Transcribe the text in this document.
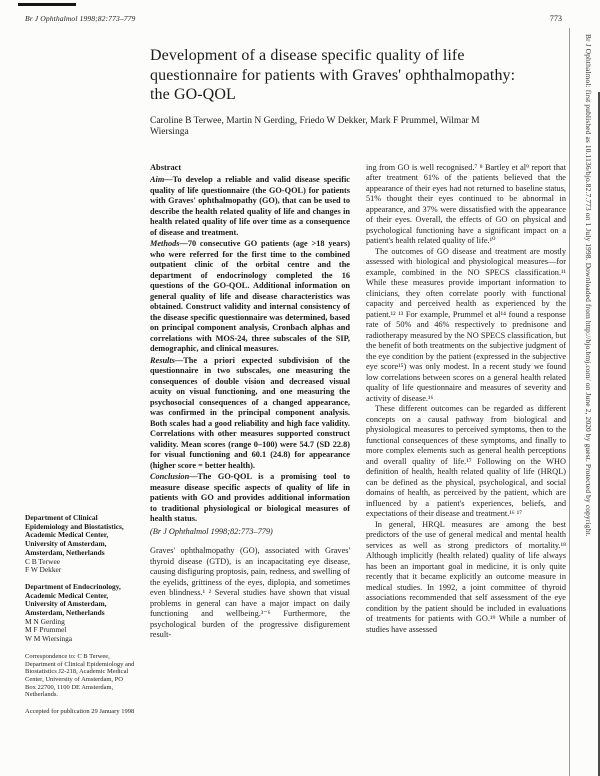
Br J Ophthalmol 1998;82:773–779	773
Department of Clinical Epidemiology and Biostatistics, Academic Medical Center, University of Amsterdam, Amsterdam, Netherlands
C B Terwee
F W Dekker
Department of Endocrinology, Academic Medical Center, University of Amsterdam, Amsterdam, Netherlands
M N Gerding
M F Prummel
W M Wiersinga
Correspondence to: C B Terwee, Department of Clinical Epidemiology and Biostatistics J2-218, Academic Medical Center, University of Amsterdam, PO Box 22700, 1100 DE Amsterdam, Netherlands.
Accepted for publication 29 January 1998
Development of a disease specific quality of life questionnaire for patients with Graves' ophthalmopathy: the GO-QOL
Caroline B Terwee, Martin N Gerding, Friedo W Dekker, Mark F Prummel, Wilmar M Wiersinga
Abstract

Aim—To develop a reliable and valid disease specific quality of life questionnaire (the GO-QOL) for patients with Graves' ophthalmopathy (GO), that can be used to describe the health related quality of life and changes in health related quality of life over time as a consequence of disease and treatment.

Methods—70 consecutive GO patients (age >18 years) who were referred for the first time to the combined outpatient clinic of the orbital centre and the department of endocrinology completed the 16 questions of the GO-QOL. Additional information on general quality of life and disease characteristics was obtained. Construct validity and internal consistency of the disease specific questionnaire was determined, based on principal component analysis, Cronbach alphas and correlations with MOS-24, three subscales of the SIP, demographic, and clinical measures.

Results—The a priori expected subdivision of the questionnaire in two subscales, one measuring the consequences of double vision and decreased visual acuity on visual functioning, and one measuring the psychosocial consequences of a changed appearance, was confirmed in the principal component analysis. Both scales had a good reliability and high face validity. Correlations with other measures supported construct validity. Mean scores (range 0–100) were 54.7 (SD 22.8) for visual functioning and 60.1 (24.8) for appearance (higher score = better health).

Conclusion—The GO-QOL is a promising tool to measure disease specific aspects of quality of life in patients with GO and provides additional information to traditional physiological or biological measures of health status.

(Br J Ophthalmol 1998;82:773–779)

Graves' ophthalmopathy (GO), associated with Graves' thyroid disease (GTD), is an incapacitating eye disease, causing disfiguring proptosis, pain, redness, and swelling of the eyelids, grittiness of the eyes, diplopia, and sometimes even blindness.¹ ² Several studies have shown that visual problems in general can have a major impact on daily functioning and wellbeing.³⁻⁶ Furthermore, the psychological burden of the progressive disfigurement result-

ing from GO is well recognised.⁷ ⁸ Bartley et al⁹ report that after treatment 61% of the patients believed that the appearance of their eyes had not returned to baseline status, 51% thought their eyes continued to be abnormal in appearance, and 37% were dissatisfied with the appearance of their eyes. Overall, the effects of GO on physical and psychological functioning have a significant impact on a patient's health related quality of life.¹⁰

The outcomes of GO disease and treatment are mostly assessed with biological and physiological measures—for example, combined in the NO SPECS classification.¹¹ While these measures provide important information to clinicians, they often correlate poorly with functional capacity and perceived health as experienced by the patient.¹² ¹³ For example, Prummel et al¹⁴ found a response rate of 50% and 46% respectively to prednisone and radiotherapy measured by the NO SPECS classification, but the benefit of both treatments on the subjective judgment of the eye condition by the patient (expressed in the subjective eye score¹⁵) was only modest. In a recent study we found low correlations between scores on a general health related quality of life questionnaire and measures of severity and activity of disease.¹⁶

These different outcomes can be regarded as different concepts on a causal pathway from biological and physiological measures to perceived symptoms, then to the functional consequences of these symptoms, and finally to more complex elements such as general health perceptions and overall quality of life.¹⁷ Following on the WHO definition of health, health related quality of life (HRQL) can be defined as the physical, psychological, and social domains of health, as perceived by the patient, which are influenced by a patient's experiences, beliefs, and expectations of their disease and treatment.¹⁶ ¹⁷

In general, HRQL measures are among the best predictors of the use of general medical and mental health services as well as strong predictors of mortality.¹⁸ Although implicitly (health related) quality of life always has been an important goal in medicine, it is only quite recently that it became explicitly an outcome measure in medical studies. In 1992, a joint committee of thyroid associations recommended that self assessment of the eye condition by the patient should be included in evaluations of treatments for patients with GO.¹⁹ While a number of studies have assessed

Br J Ophthalmol: first published as 10.1136/bjo.82.7.773 on 1 July 1998. Downloaded from http://bjo.bmj.com/ on June 2, 2020 by guest. Protected by copyright.
